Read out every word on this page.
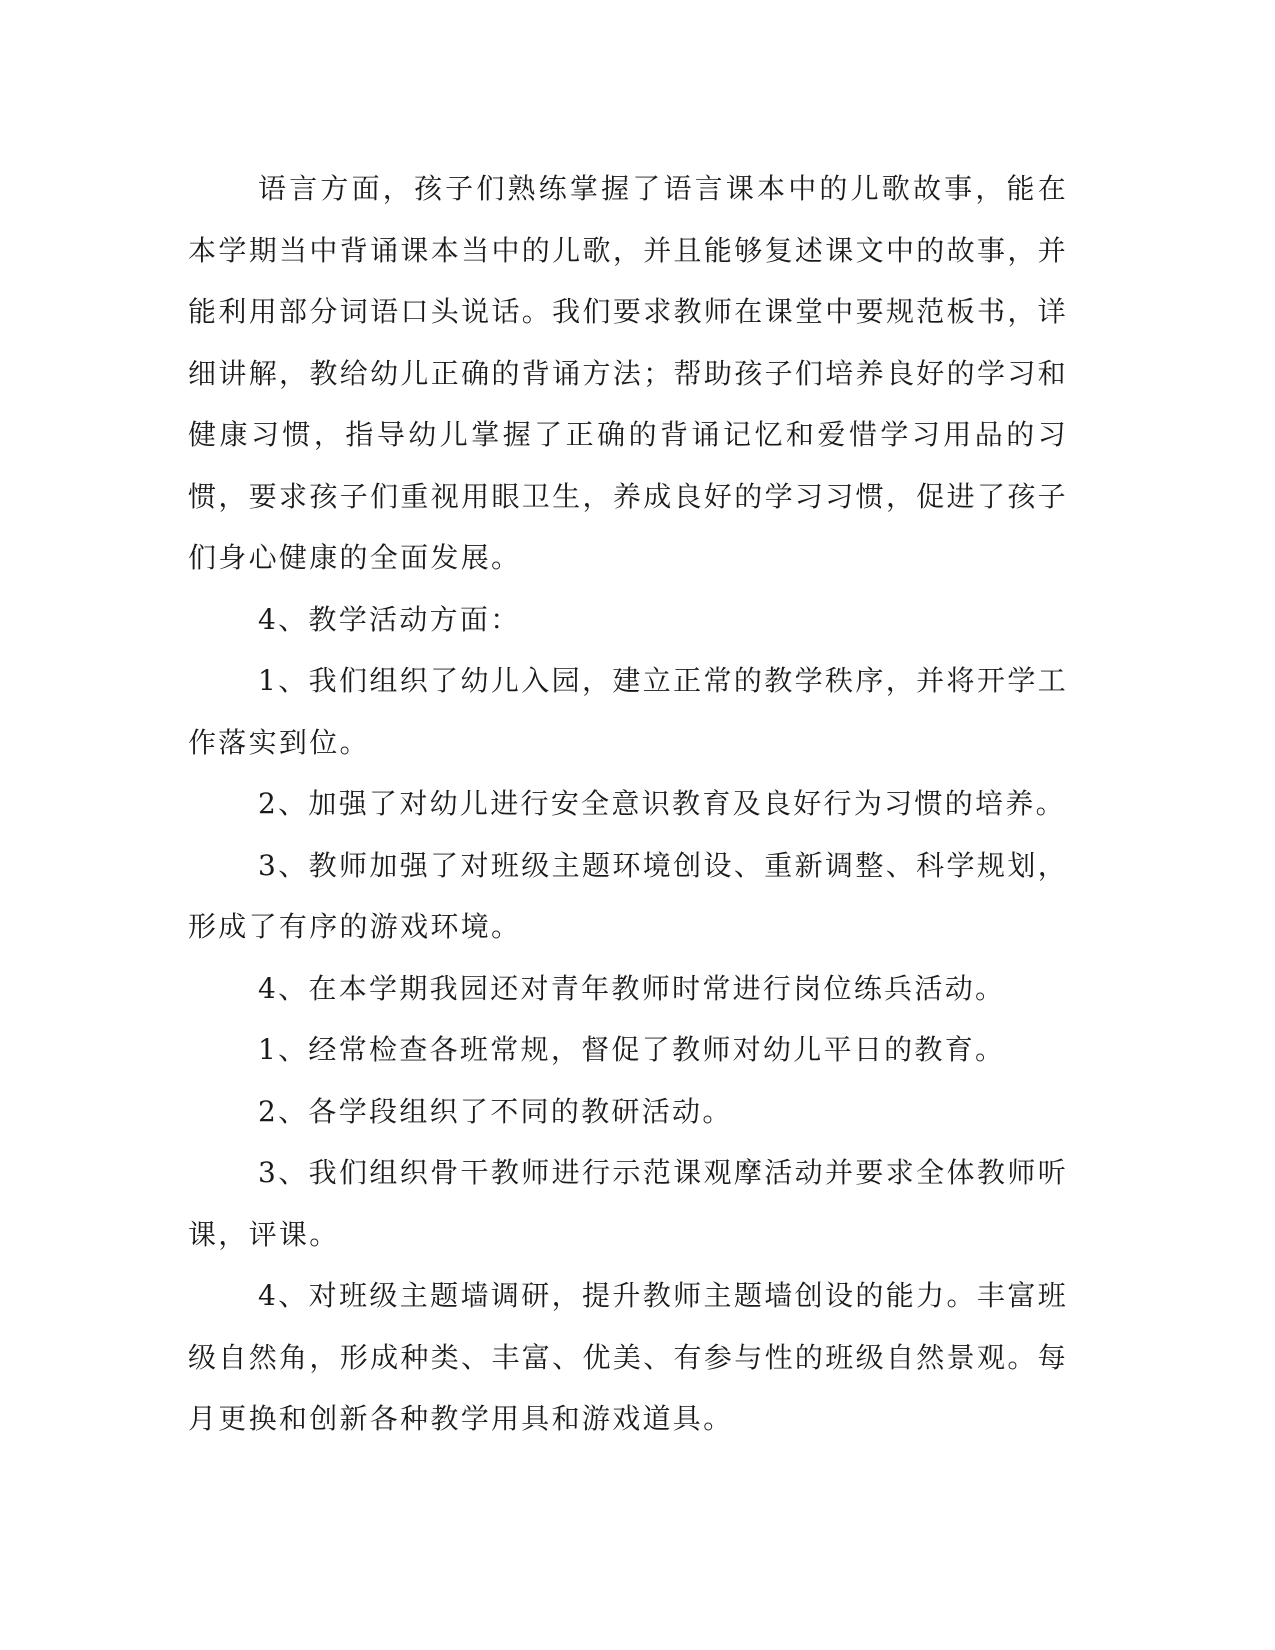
语言方面，孩子们熟练掌握了语言课本中的儿歌故事，能在本学期当中背诵课本当中的儿歌，并且能够复述课文中的故事，并能利用部分词语口头说话。我们要求教师在课堂中要规范板书，详细讲解，教给幼儿正确的背诵方法；帮助孩子们培养良好的学习和健康习惯，指导幼儿掌握了正确的背诵记忆和爱惜学习用品的习惯，要求孩子们重视用眼卫生，养成良好的学习习惯，促进了孩子们身心健康的全面发展。

4、教学活动方面：

1、我们组织了幼儿入园，建立正常的教学秩序，并将开学工作落实到位。

2、加强了对幼儿进行安全意识教育及良好行为习惯的培养。

3、教师加强了对班级主题环境创设、重新调整、科学规划，形成了有序的游戏环境。

4、在本学期我园还对青年教师时常进行岗位练兵活动。

1、经常检查各班常规，督促了教师对幼儿平日的教育。

2、各学段组织了不同的教研活动。

3、我们组织骨干教师进行示范课观摩活动并要求全体教师听课，评课。

4、对班级主题墙调研，提升教师主题墙创设的能力。丰富班级自然角，形成种类、丰富、优美、有参与性的班级自然景观。每月更换和创新各种教学用具和游戏道具。
